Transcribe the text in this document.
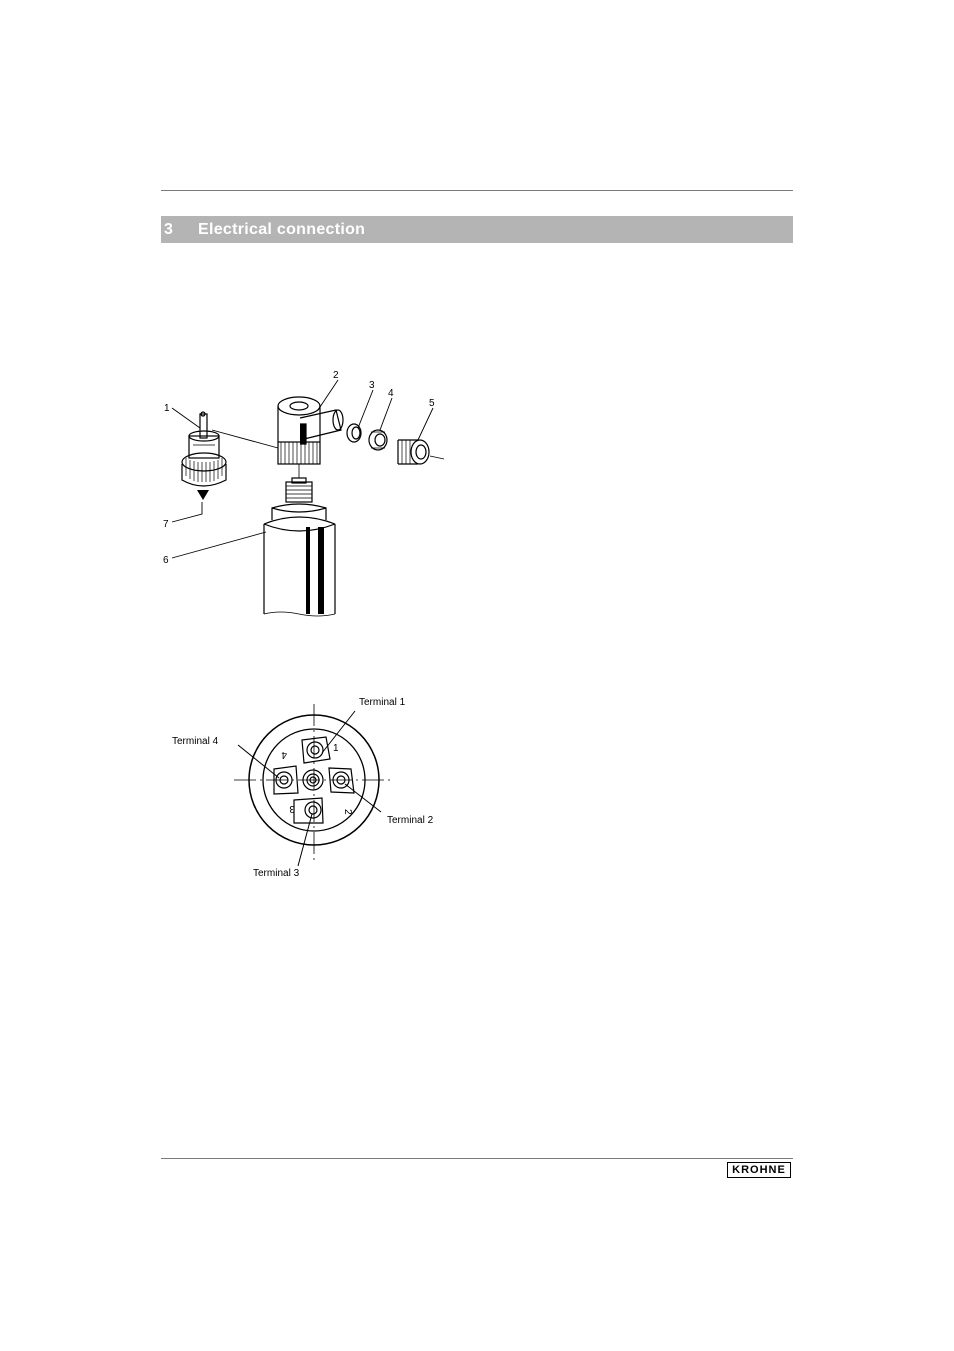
3 Electrical connection
1
2
3
4
5
6
7
1
2
3
4
Terminal 1
Terminal 2
Terminal 3
Terminal 4
KROHNE
